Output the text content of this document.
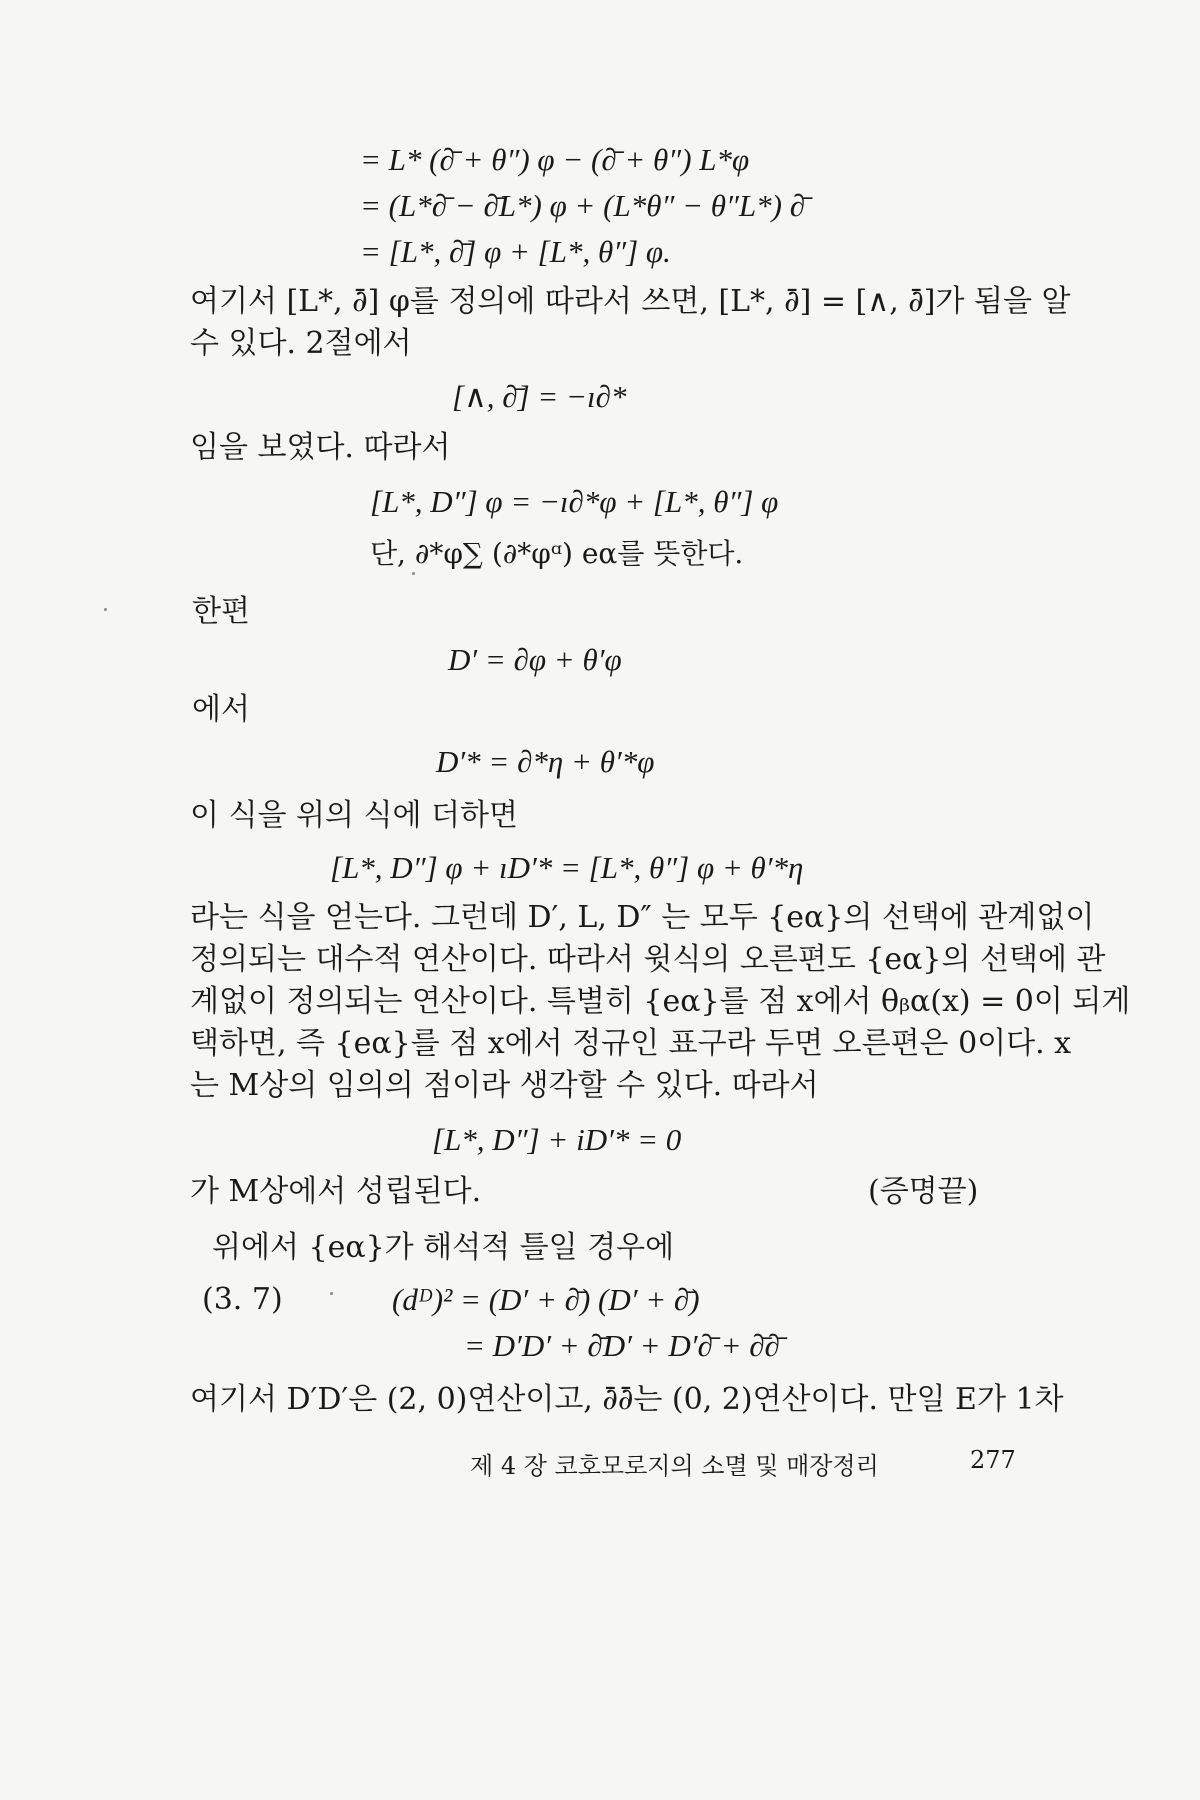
= L* (∂̄ + θ″) φ − (∂̄ + θ″) L*φ
= (L*∂̄ − ∂̄L*) φ + (L*θ″ − θ″L*) ∂̄
= [L*, ∂̄] φ + [L*, θ″] φ.
여기서 [L*, ∂̄] φ를 정의에 따라서 쓰면, [L*, ∂̄] = [∧, ∂̄]가 됨을 알
수 있다. 2절에서
[∧, ∂̄] = −ı∂*
임을 보였다. 따라서
[L*, D″] φ = −ı∂*φ + [L*, θ″] φ
단, ∂*φ∑ (∂*φᵅ) eα를 뜻한다.
한편
D′ = ∂φ + θ′φ
에서
D′* = ∂*η + θ′*φ
이 식을 위의 식에 더하면
[L*, D″] φ + ıD′* = [L*, θ″] φ + θ′*η
라는 식을 얻는다. 그런데 D′, L, D″ 는 모두 {eα}의 선택에 관계없이
정의되는 대수적 연산이다. 따라서 윗식의 오른편도 {eα}의 선택에 관
계없이 정의되는 연산이다. 특별히 {eα}를 점 x에서 θᵦα(x) = 0이 되게
택하면, 즉 {eα}를 점 x에서 정규인 표구라 두면 오른편은 0이다. x
는 M상의 임의의 점이라 생각할 수 있다. 따라서
[L*, D″] + iD′* = 0
가 M상에서 성립된다.	(증명끝)
위에서 {eα}가 해석적 틀일 경우에
(3. 7)	(dᴰ)² = (D′ + ∂̄) (D′ + ∂̄)
= D′D′ + ∂̄D′ + D′∂̄ + ∂̄∂̄
여기서 D′D′은 (2, 0)연산이고, ∂̄∂̄는 (0, 2)연산이다. 만일 E가 1차
제 4 장 코호모로지의 소멸 및 매장정리	277
